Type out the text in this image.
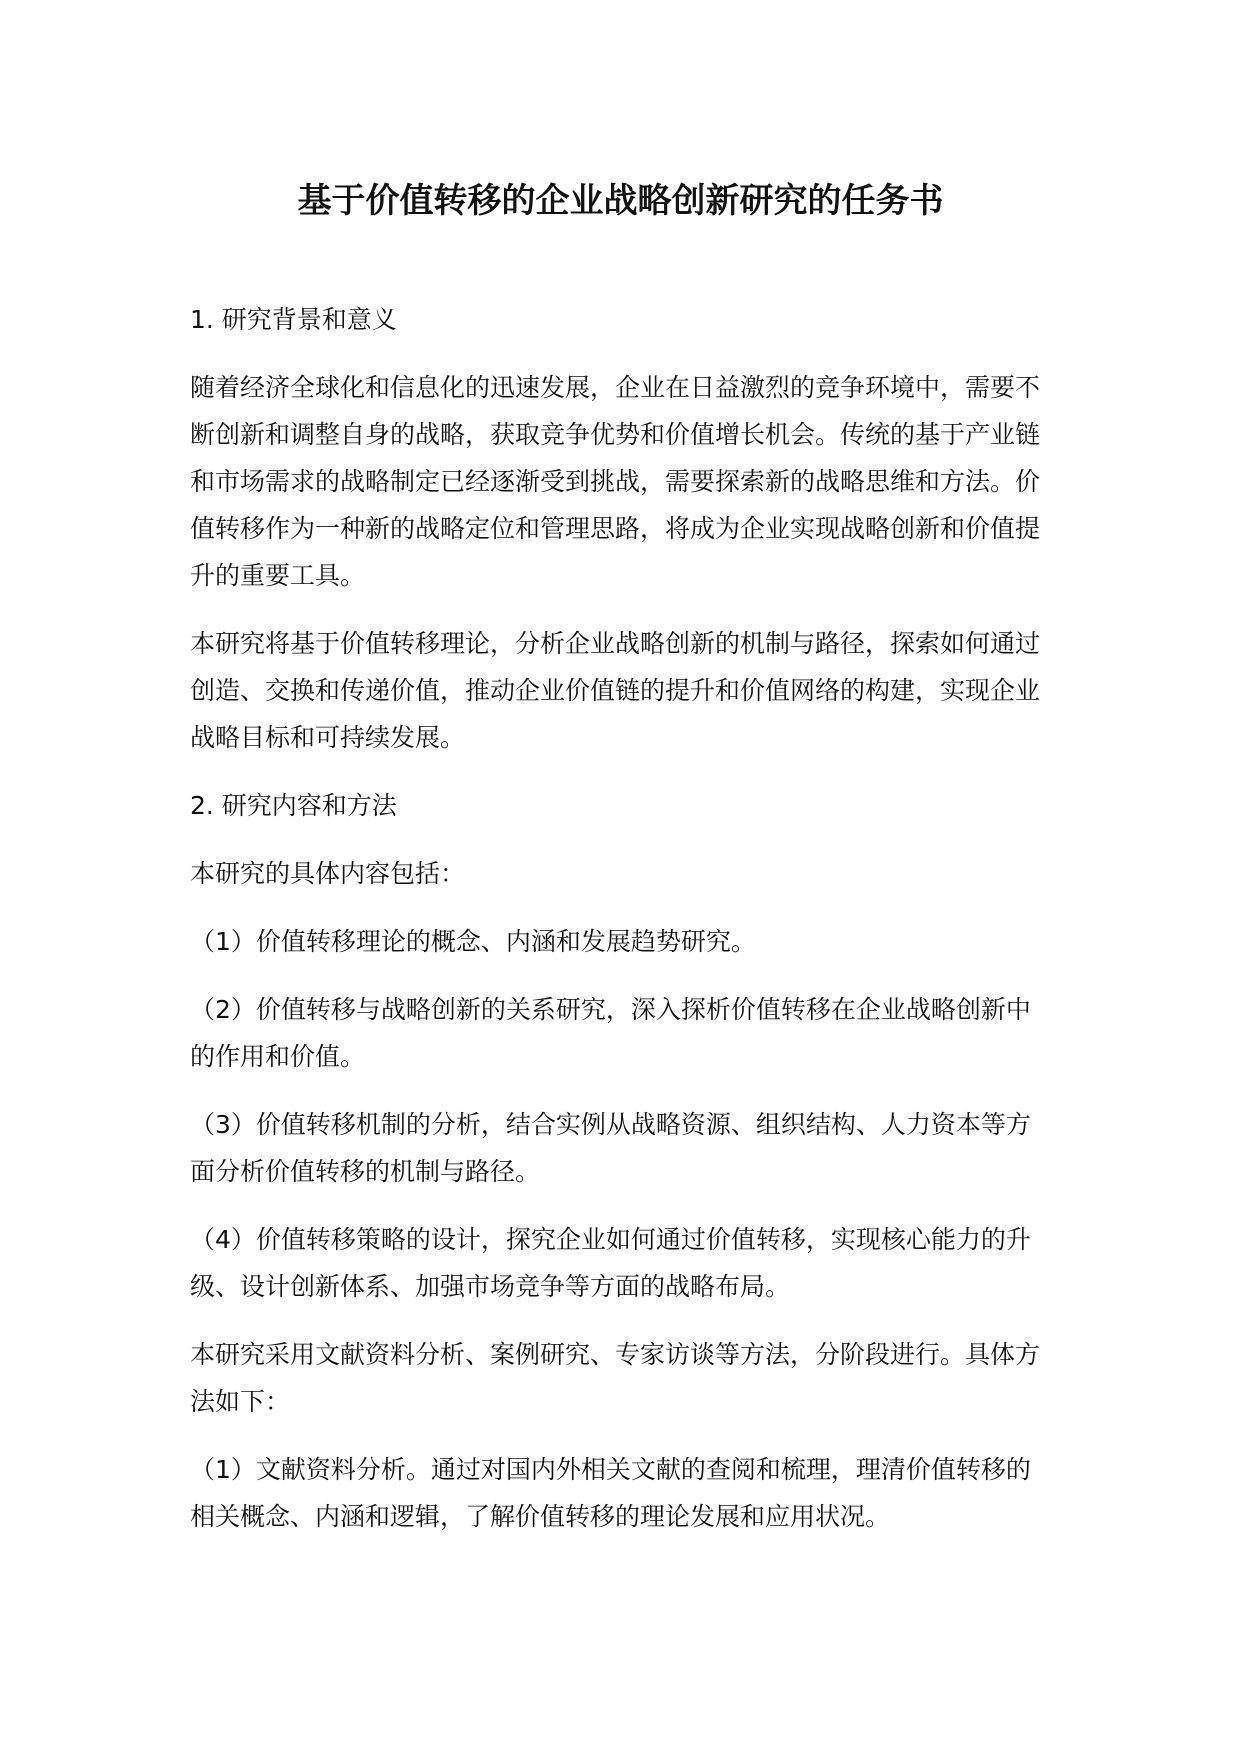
基于价值转移的企业战略创新研究的任务书

1. 研究背景和意义

随着经济全球化和信息化的迅速发展，企业在日益激烈的竞争环境中，需要不断创新和调整自身的战略，获取竞争优势和价值增长机会。传统的基于产业链和市场需求的战略制定已经逐渐受到挑战，需要探索新的战略思维和方法。价值转移作为一种新的战略定位和管理思路，将成为企业实现战略创新和价值提升的重要工具。

本研究将基于价值转移理论，分析企业战略创新的机制与路径，探索如何通过创造、交换和传递价值，推动企业价值链的提升和价值网络的构建，实现企业战略目标和可持续发展。

2. 研究内容和方法

本研究的具体内容包括：

（1）价值转移理论的概念、内涵和发展趋势研究。

（2）价值转移与战略创新的关系研究，深入探析价值转移在企业战略创新中的作用和价值。

（3）价值转移机制的分析，结合实例从战略资源、组织结构、人力资本等方面分析价值转移的机制与路径。

（4）价值转移策略的设计，探究企业如何通过价值转移，实现核心能力的升级、设计创新体系、加强市场竞争等方面的战略布局。

本研究采用文献资料分析、案例研究、专家访谈等方法，分阶段进行。具体方法如下：

（1）文献资料分析。通过对国内外相关文献的查阅和梳理，理清价值转移的相关概念、内涵和逻辑，了解价值转移的理论发展和应用状况。
